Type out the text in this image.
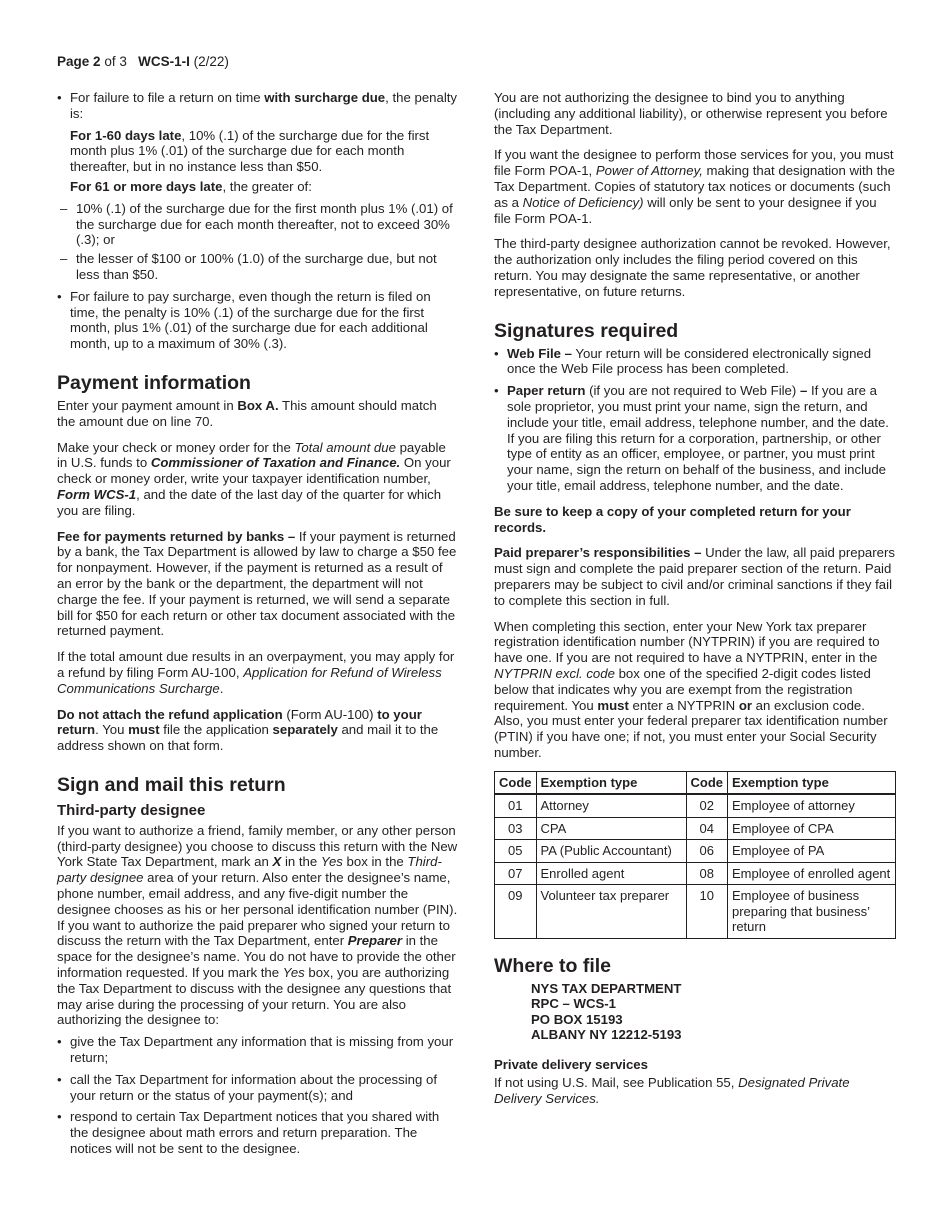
Page 2 of 3 WCS-1-I (2/22)
• For failure to file a return on time with surcharge due, the penalty is:
For 1-60 days late, 10% (.1) of the surcharge due for the first month plus 1% (.01) of the surcharge due for each month thereafter, but in no instance less than $50.
For 61 or more days late, the greater of:
– 10% (.1) of the surcharge due for the first month plus 1% (.01) of the surcharge due for each month thereafter, not to exceed 30% (.3); or
– the lesser of $100 or 100% (1.0) of the surcharge due, but not less than $50.
• For failure to pay surcharge, even though the return is filed on time, the penalty is 10% (.1) of the surcharge due for the first month, plus 1% (.01) of the surcharge due for each additional month, up to a maximum of 30% (.3).
Payment information

Enter your payment amount in Box A. This amount should match the amount due on line 70.

Make your check or money order for the Total amount due payable in U.S. funds to Commissioner of Taxation and Finance. On your check or money order, write your taxpayer identification number, Form WCS-1, and the date of the last day of the quarter for which you are filing.

Fee for payments returned by banks – If your payment is returned by a bank, the Tax Department is allowed by law to charge a $50 fee for nonpayment. However, if the payment is returned as a result of an error by the bank or the department, the department will not charge the fee. If your payment is returned, we will send a separate bill for $50 for each return or other tax document associated with the returned payment.

If the total amount due results in an overpayment, you may apply for a refund by filing Form AU-100, Application for Refund of Wireless Communications Surcharge.

Do not attach the refund application (Form AU-100) to your return. You must file the application separately and mail it to the address shown on that form.

Sign and mail this return
Third-party designee

If you want to authorize a friend, family member, or any other person (third-party designee) you choose to discuss this return with the New York State Tax Department, mark an X in the Yes box in the Third-party designee area of your return. Also enter the designee’s name, phone number, email address, and any five-digit number the designee chooses as his or her personal identification number (PIN). If you want to authorize the paid preparer who signed your return to discuss the return with the Tax Department, enter Preparer in the space for the designee’s name. You do not have to provide the other information requested. If you mark the Yes box, you are authorizing the Tax Department to discuss with the designee any questions that may arise during the processing of your return. You are also authorizing the designee to:

• give the Tax Department any information that is missing from your return;
• call the Tax Department for information about the processing of your return or the status of your payment(s); and
• respond to certain Tax Department notices that you shared with the designee about math errors and return preparation. The notices will not be sent to the designee.

You are not authorizing the designee to bind you to anything (including any additional liability), or otherwise represent you before the Tax Department.

If you want the designee to perform those services for you, you must file Form POA-1, Power of Attorney, making that designation with the Tax Department. Copies of statutory tax notices or documents (such as a Notice of Deficiency) will only be sent to your designee if you file Form POA-1.

The third-party designee authorization cannot be revoked. However, the authorization only includes the filing period covered on this return. You may designate the same representative, or another representative, on future returns.

Signatures required
• Web File – Your return will be considered electronically signed once the Web File process has been completed.
• Paper return (if you are not required to Web File) – If you are a sole proprietor, you must print your name, sign the return, and include your title, email address, telephone number, and the date. If you are filing this return for a corporation, partnership, or other type of entity as an officer, employee, or partner, you must print your name, sign the return on behalf of the business, and include your title, email address, telephone number, and the date.

Be sure to keep a copy of your completed return for your records.

Paid preparer’s responsibilities – Under the law, all paid preparers must sign and complete the paid preparer section of the return. Paid preparers may be subject to civil and/or criminal sanctions if they fail to complete this section in full.

When completing this section, enter your New York tax preparer registration identification number (NYTPRIN) if you are required to have one. If you are not required to have a NYTPRIN, enter in the NYTPRIN excl. code box one of the specified 2-digit codes listed below that indicates why you are exempt from the registration requirement. You must enter a NYTPRIN or an exclusion code. Also, you must enter your federal preparer tax identification number (PTIN) if you have one; if not, you must enter your Social Security number.

Code	Exemption type	Code	Exemption type
01	Attorney	02	Employee of attorney
03	CPA	04	Employee of CPA
05	PA (Public Accountant)	06	Employee of PA
07	Enrolled agent	08	Employee of enrolled agent
09	Volunteer tax preparer	10	Employee of business preparing that business’ return
Where to file
NYS TAX DEPARTMENT
RPC – WCS-1
PO BOX 15193
ALBANY NY 12212-5193
Private delivery services

If not using U.S. Mail, see Publication 55, Designated Private Delivery Services.
